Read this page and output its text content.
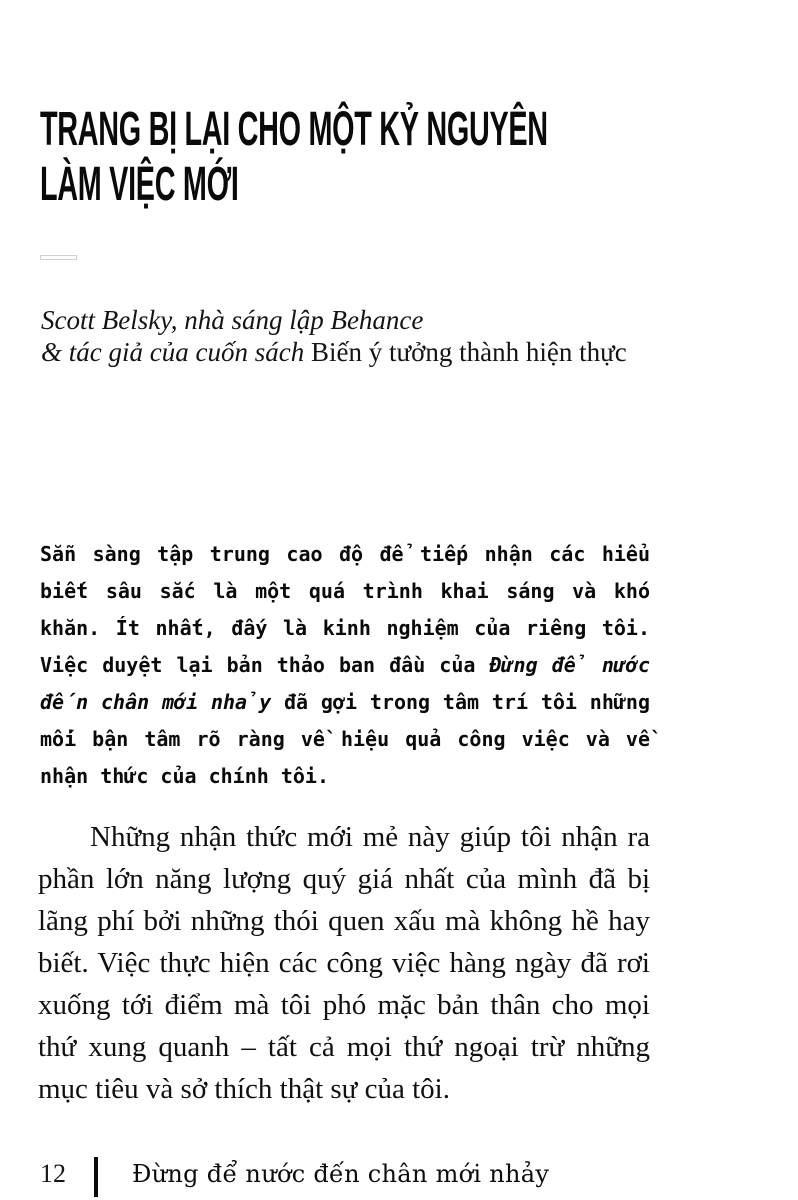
TRANG BỊ LẠI CHO MỘT KỶ NGUYÊN
LÀM VIỆC MỚI
Scott Belsky, nhà sáng lập Behance
& tác giả của cuốn sách Biến ý tưởng thành hiện thực

Sẵn sàng tập trung cao độ để tiếp nhận các hiểu biết sâu sắc là một quá trình khai sáng và khó khăn. Ít nhất, đấy là kinh nghiệm của riêng tôi. Việc duyệt lại bản thảo ban đầu của Đừng để nước đến chân mới nhảy đã gợi trong tâm trí tôi những mối bận tâm rõ ràng về hiệu quả công việc và về nhận thức của chính tôi.

Những nhận thức mới mẻ này giúp tôi nhận ra phần lớn năng lượng quý giá nhất của mình đã bị lãng phí bởi những thói quen xấu mà không hề hay biết. Việc thực hiện các công việc hàng ngày đã rơi xuống tới điểm mà tôi phó mặc bản thân cho mọi thứ xung quanh – tất cả mọi thứ ngoại trừ những mục tiêu và sở thích thật sự của tôi.

12	Đừng để nước đến chân mới nhảy
